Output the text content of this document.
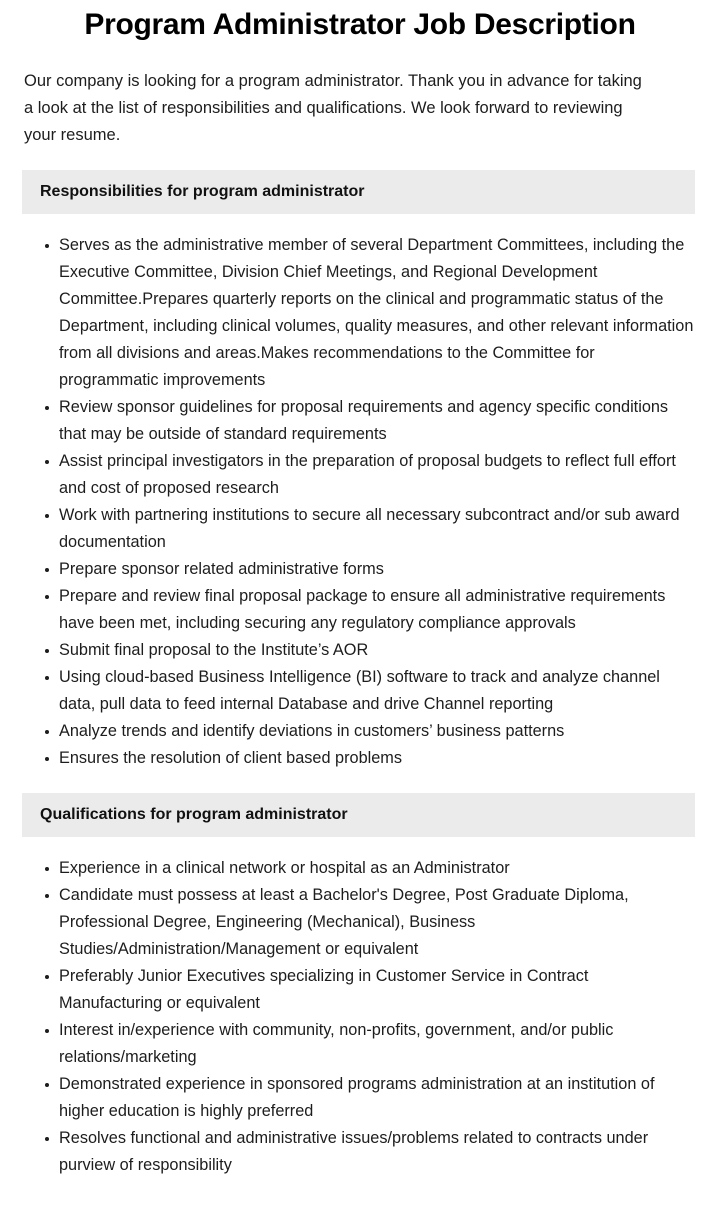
Program Administrator Job Description

Our company is looking for a program administrator. Thank you in advance for taking a look at the list of responsibilities and qualifications. We look forward to reviewing your resume.

Responsibilities for program administrator
Serves as the administrative member of several Department Committees, including the Executive Committee, Division Chief Meetings, and Regional Development Committee.Prepares quarterly reports on the clinical and programmatic status of the Department, including clinical volumes, quality measures, and other relevant information from all divisions and areas.Makes recommendations to the Committee for programmatic improvements
Review sponsor guidelines for proposal requirements and agency specific conditions that may be outside of standard requirements
Assist principal investigators in the preparation of proposal budgets to reflect full effort and cost of proposed research
Work with partnering institutions to secure all necessary subcontract and/or sub award documentation
Prepare sponsor related administrative forms
Prepare and review final proposal package to ensure all administrative requirements have been met, including securing any regulatory compliance approvals
Submit final proposal to the Institute’s AOR
Using cloud-based Business Intelligence (BI) software to track and analyze channel data, pull data to feed internal Database and drive Channel reporting
Analyze trends and identify deviations in customers’ business patterns
Ensures the resolution of client based problems
Qualifications for program administrator
Experience in a clinical network or hospital as an Administrator
Candidate must possess at least a Bachelor's Degree, Post Graduate Diploma, Professional Degree, Engineering (Mechanical), Business Studies/Administration/Management or equivalent
Preferably Junior Executives specializing in Customer Service in Contract Manufacturing or equivalent
Interest in/experience with community, non-profits, government, and/or public relations/marketing
Demonstrated experience in sponsored programs administration at an institution of higher education is highly preferred
Resolves functional and administrative issues/problems related to contracts under purview of responsibility
